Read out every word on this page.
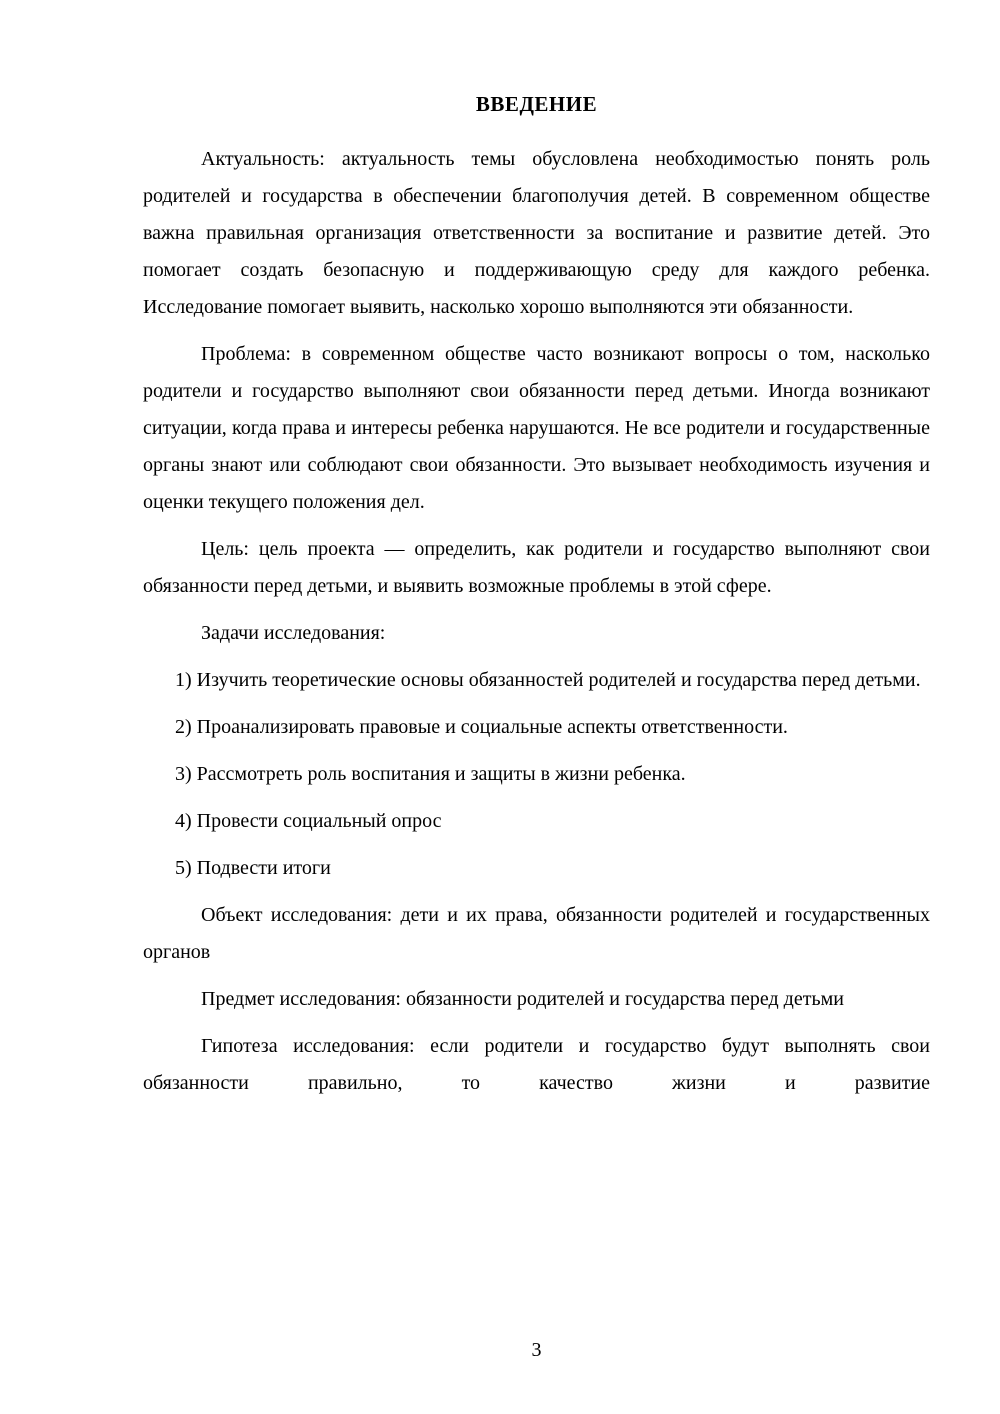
ВВЕДЕНИЕ

Актуальность: актуальность темы обусловлена необходимостью понять роль родителей и государства в обеспечении благополучия детей. В современном обществе важна правильная организация ответственности за воспитание и развитие детей. Это помогает создать безопасную и поддерживающую среду для каждого ребенка. Исследование помогает выявить, насколько хорошо выполняются эти обязанности.

Проблема: в современном обществе часто возникают вопросы о том, насколько родители и государство выполняют свои обязанности перед детьми. Иногда возникают ситуации, когда права и интересы ребенка нарушаются. Не все родители и государственные органы знают или соблюдают свои обязанности. Это вызывает необходимость изучения и оценки текущего положения дел.

Цель: цель проекта — определить, как родители и государство выполняют свои обязанности перед детьми, и выявить возможные проблемы в этой сфере.

Задачи исследования:

1) Изучить теоретические основы обязанностей родителей и государства перед детьми.

2) Проанализировать правовые и социальные аспекты ответственности.

3) Рассмотреть роль воспитания и защиты в жизни ребенка.

4) Провести социальный опрос

5) Подвести итоги

Объект исследования: дети и их права, обязанности родителей и государственных органов

Предмет исследования: обязанности родителей и государства перед детьми

Гипотеза исследования: если родители и государство будут выполнять свои обязанности правильно, то качество жизни и развитие

3
